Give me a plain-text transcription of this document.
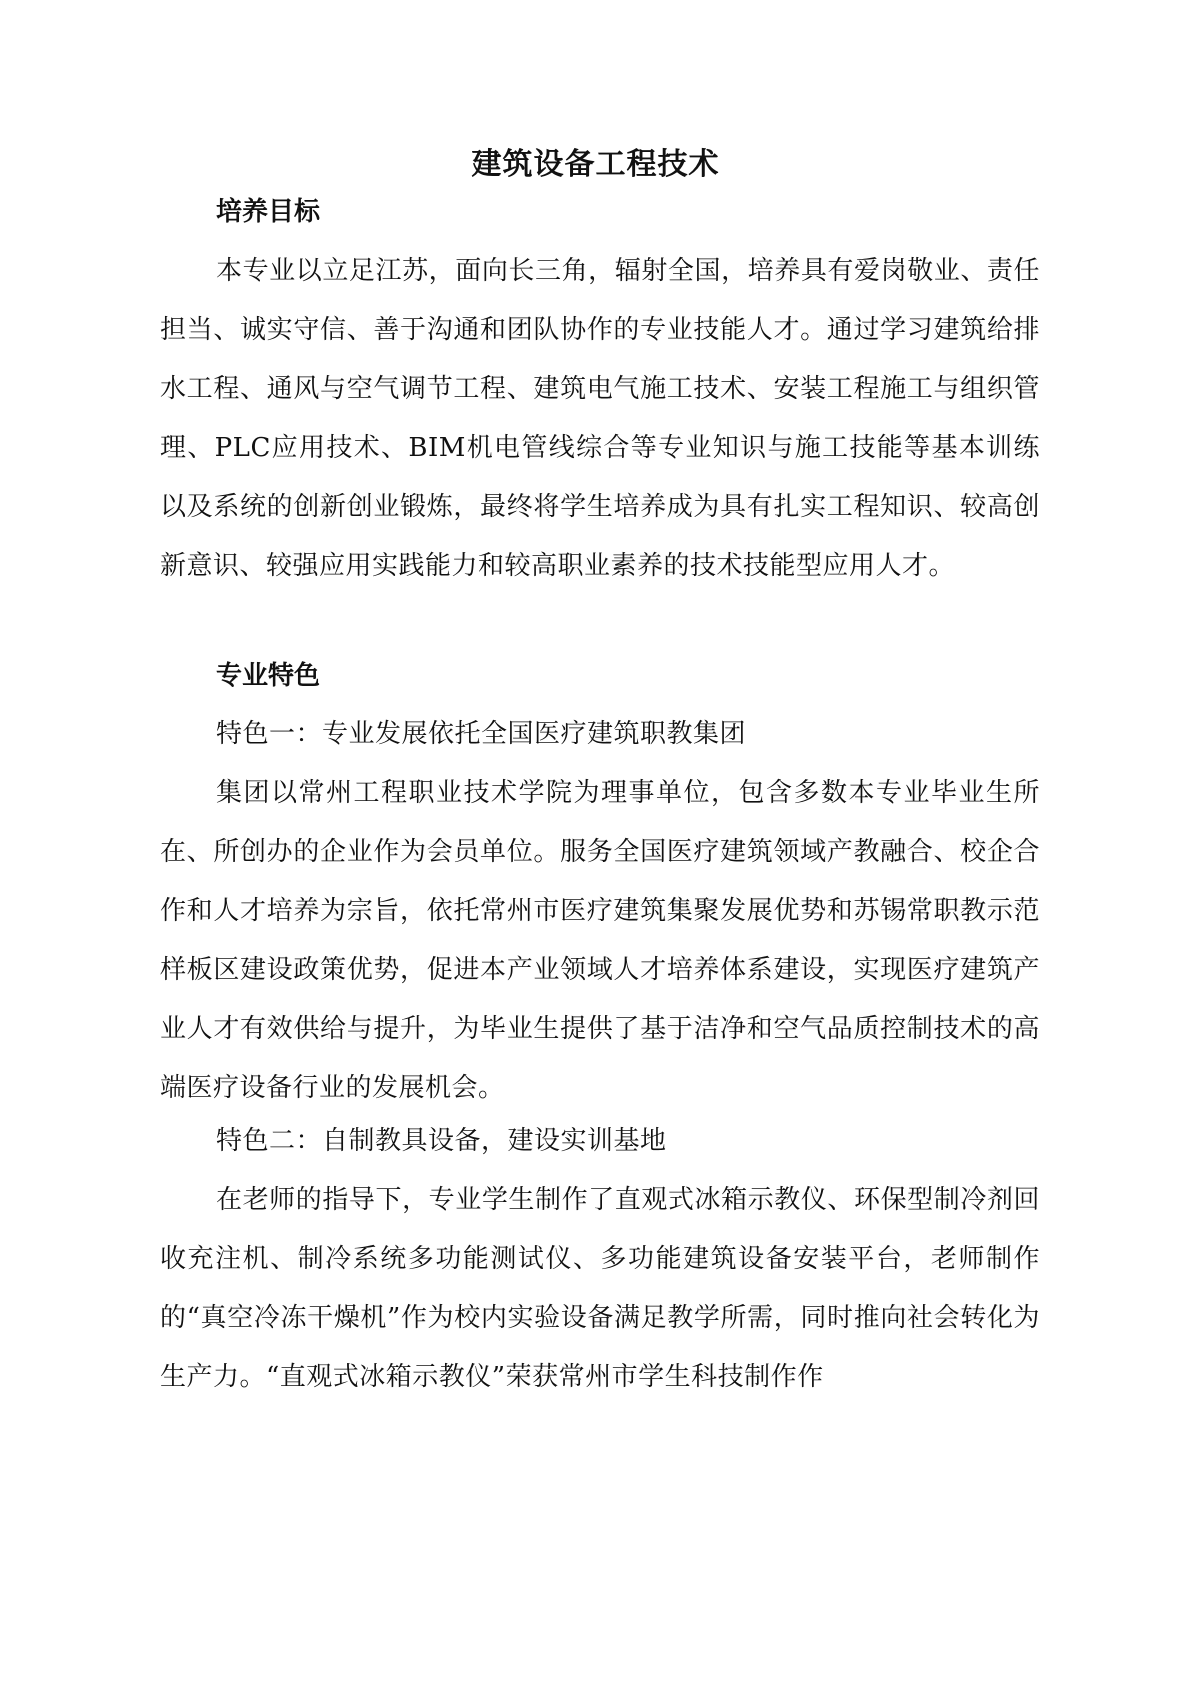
建筑设备工程技术
培养目标
本专业以立足江苏，面向长三角，辐射全国，培养具有爱岗敬业、责任担当、诚实守信、善于沟通和团队协作的专业技能人才。通过学习建筑给排水工程、通风与空气调节工程、建筑电气施工技术、安装工程施工与组织管理、PLC应用技术、BIM机电管线综合等专业知识与施工技能等基本训练以及系统的创新创业锻炼，最终将学生培养成为具有扎实工程知识、较高创新意识、较强应用实践能力和较高职业素养的技术技能型应用人才。
专业特色
特色一：专业发展依托全国医疗建筑职教集团
集团以常州工程职业技术学院为理事单位，包含多数本专业毕业生所在、所创办的企业作为会员单位。服务全国医疗建筑领域产教融合、校企合作和人才培养为宗旨，依托常州市医疗建筑集聚发展优势和苏锡常职教示范样板区建设政策优势，促进本产业领域人才培养体系建设，实现医疗建筑产业人才有效供给与提升，为毕业生提供了基于洁净和空气品质控制技术的高端医疗设备行业的发展机会。
特色二：自制教具设备，建设实训基地
在老师的指导下，专业学生制作了直观式冰箱示教仪、环保型制冷剂回收充注机、制冷系统多功能测试仪、多功能建筑设备安装平台，老师制作的“真空冷冻干燥机”作为校内实验设备满足教学所需，同时推向社会转化为生产力。“直观式冰箱示教仪”荣获常州市学生科技制作作
